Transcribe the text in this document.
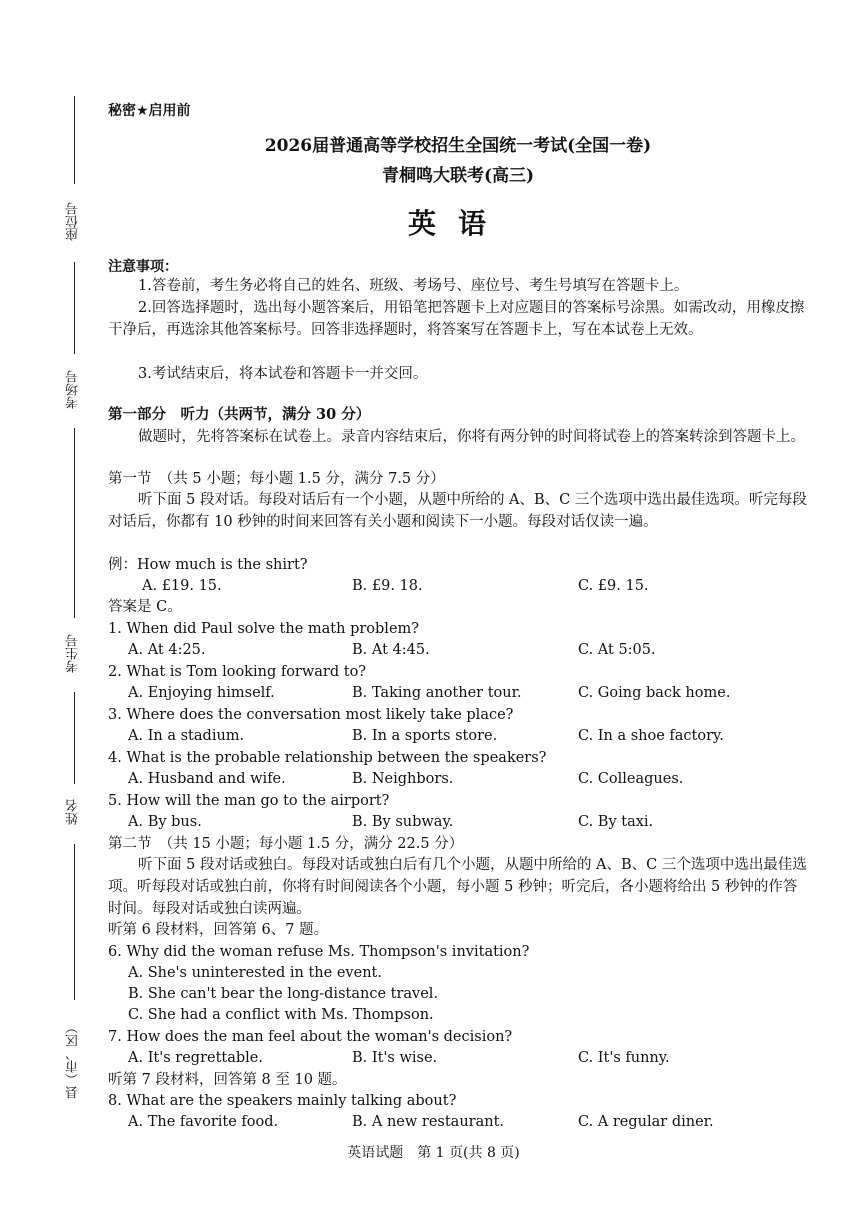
座位号
考场号
考生号
姓名
县（市、区）
秘密★启用前
2026届普通高等学校招生全国统一考试(全国一卷)
青桐鸣大联考(高三)
英语
注意事项：
1.答卷前，考生务必将自己的姓名、班级、考场号、座位号、考生号填写在答题卡上。
2.回答选择题时，选出每小题答案后，用铅笔把答题卡上对应题目的答案标号涂黑。如需改动，用橡皮擦干净后，再选涂其他答案标号。回答非选择题时，将答案写在答题卡上，写在本试卷上无效。
3.考试结束后，将本试卷和答题卡一并交回。
第一部分　听力（共两节，满分 30 分）
做题时，先将答案标在试卷上。录音内容结束后，你将有两分钟的时间将试卷上的答案转涂到答题卡上。
第一节　（共 5 小题；每小题 1.5 分，满分 7.5 分）
听下面 5 段对话。每段对话后有一个小题，从题中所给的 A、B、C 三个选项中选出最佳选项。听完每段对话后，你都有 10 秒钟的时间来回答有关小题和阅读下一小题。每段对话仅读一遍。
例：How much is the shirt?
A. £19. 15.	B. £9. 18.	C. £9. 15.
答案是 C。
1. When did Paul solve the math problem?
A. At 4:25.	B. At 4:45.	C. At 5:05.
2. What is Tom looking forward to?
A. Enjoying himself.	B. Taking another tour.	C. Going back home.
3. Where does the conversation most likely take place?
A. In a stadium.	B. In a sports store.	C. In a shoe factory.
4. What is the probable relationship between the speakers?
A. Husband and wife.	B. Neighbors.	C. Colleagues.
5. How will the man go to the airport?
A. By bus.	B. By subway.	C. By taxi.
第二节　（共 15 小题；每小题 1.5 分，满分 22.5 分）
听下面 5 段对话或独白。每段对话或独白后有几个小题，从题中所给的 A、B、C 三个选项中选出最佳选项。听每段对话或独白前，你将有时间阅读各个小题，每小题 5 秒钟；听完后，各小题将给出 5 秒钟的作答时间。每段对话或独白读两遍。
听第 6 段材料，回答第 6、7 题。
6. Why did the woman refuse Ms. Thompson's invitation?
A. She's uninterested in the event.
B. She can't bear the long-distance travel.
C. She had a conflict with Ms. Thompson.
7. How does the man feel about the woman's decision?
A. It's regrettable.	B. It's wise.	C. It's funny.
听第 7 段材料，回答第 8 至 10 题。
8. What are the speakers mainly talking about?
A. The favorite food.	B. A new restaurant.	C. A regular diner.
英语试题　第 1 页(共 8 页)
